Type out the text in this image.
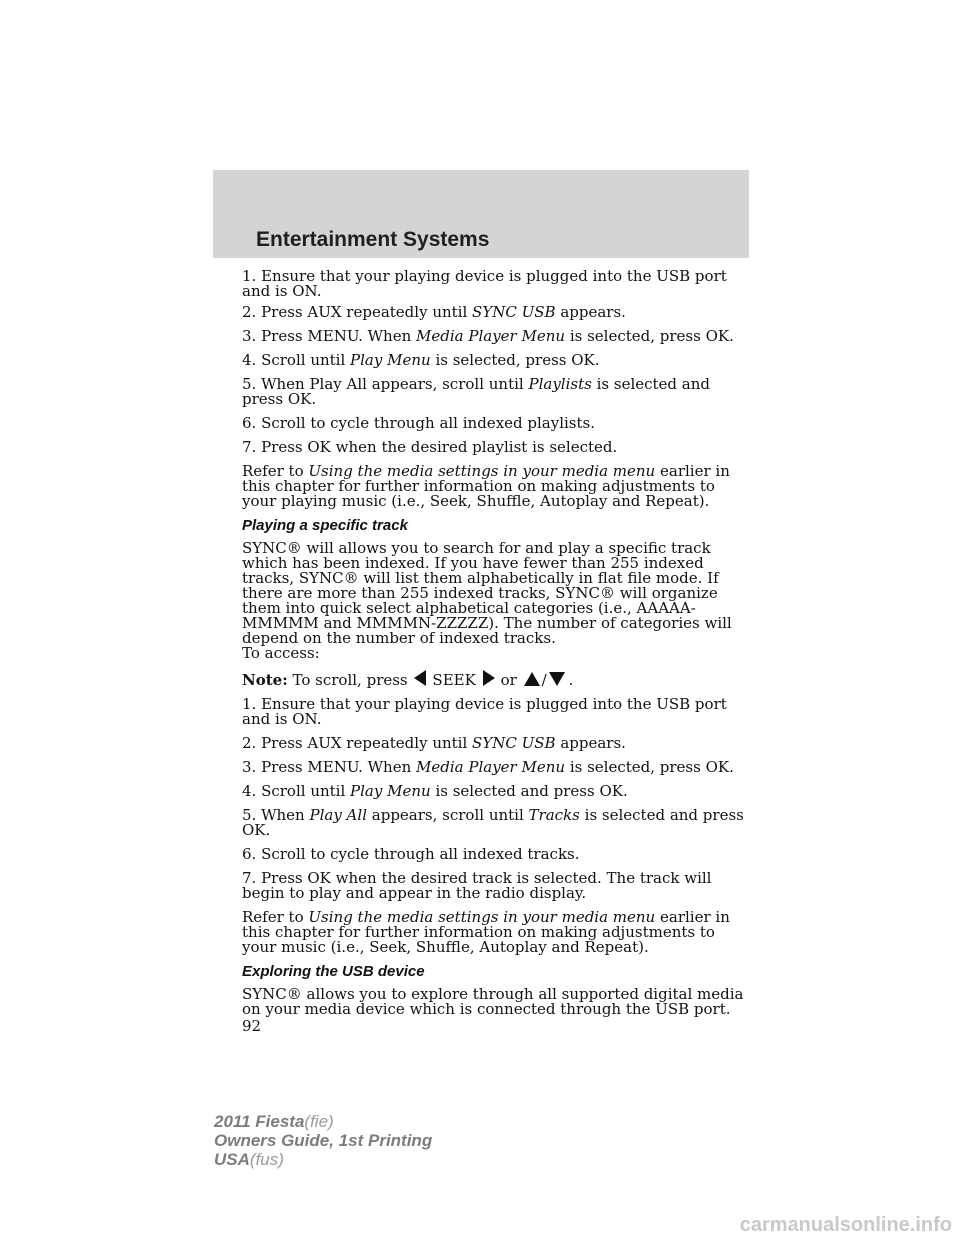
Entertainment Systems

1. Ensure that your playing device is plugged into the USB port and is ON.

2. Press AUX repeatedly until SYNC USB appears.

3. Press MENU. When Media Player Menu is selected, press OK.

4. Scroll until Play Menu is selected, press OK.

5. When Play All appears, scroll until Playlists is selected and press OK.

6. Scroll to cycle through all indexed playlists.

7. Press OK when the desired playlist is selected.

Refer to Using the media settings in your media menu earlier in this chapter for further information on making adjustments to your playing music (i.e., Seek, Shuffle, Autoplay and Repeat).

Playing a specific track

SYNC® will allows you to search for and play a specific track which has been indexed. If you have fewer than 255 indexed tracks, SYNC® will list them alphabetically in flat file mode. If there are more than 255 indexed tracks, SYNC® will organize them into quick select alphabetical categories (i.e., AAAAA-MMMMM and MMMMN-ZZZZZ). The number of categories will depend on the number of indexed tracks.

To access:

Note: To scroll, press SEEK or / .

1. Ensure that your playing device is plugged into the USB port and is ON.

2. Press AUX repeatedly until SYNC USB appears.

3. Press MENU. When Media Player Menu is selected, press OK.

4. Scroll until Play Menu is selected and press OK.

5. When Play All appears, scroll until Tracks is selected and press OK.

6. Scroll to cycle through all indexed tracks.

7. Press OK when the desired track is selected. The track will begin to play and appear in the radio display.

Refer to Using the media settings in your media menu earlier in this chapter for further information on making adjustments to your music (i.e., Seek, Shuffle, Autoplay and Repeat).

Exploring the USB device

SYNC® allows you to explore through all supported digital media on your media device which is connected through the USB port.

92
2011 Fiesta(fie)
Owners Guide, 1st Printing
USA(fus)
carmanualsonline.info
